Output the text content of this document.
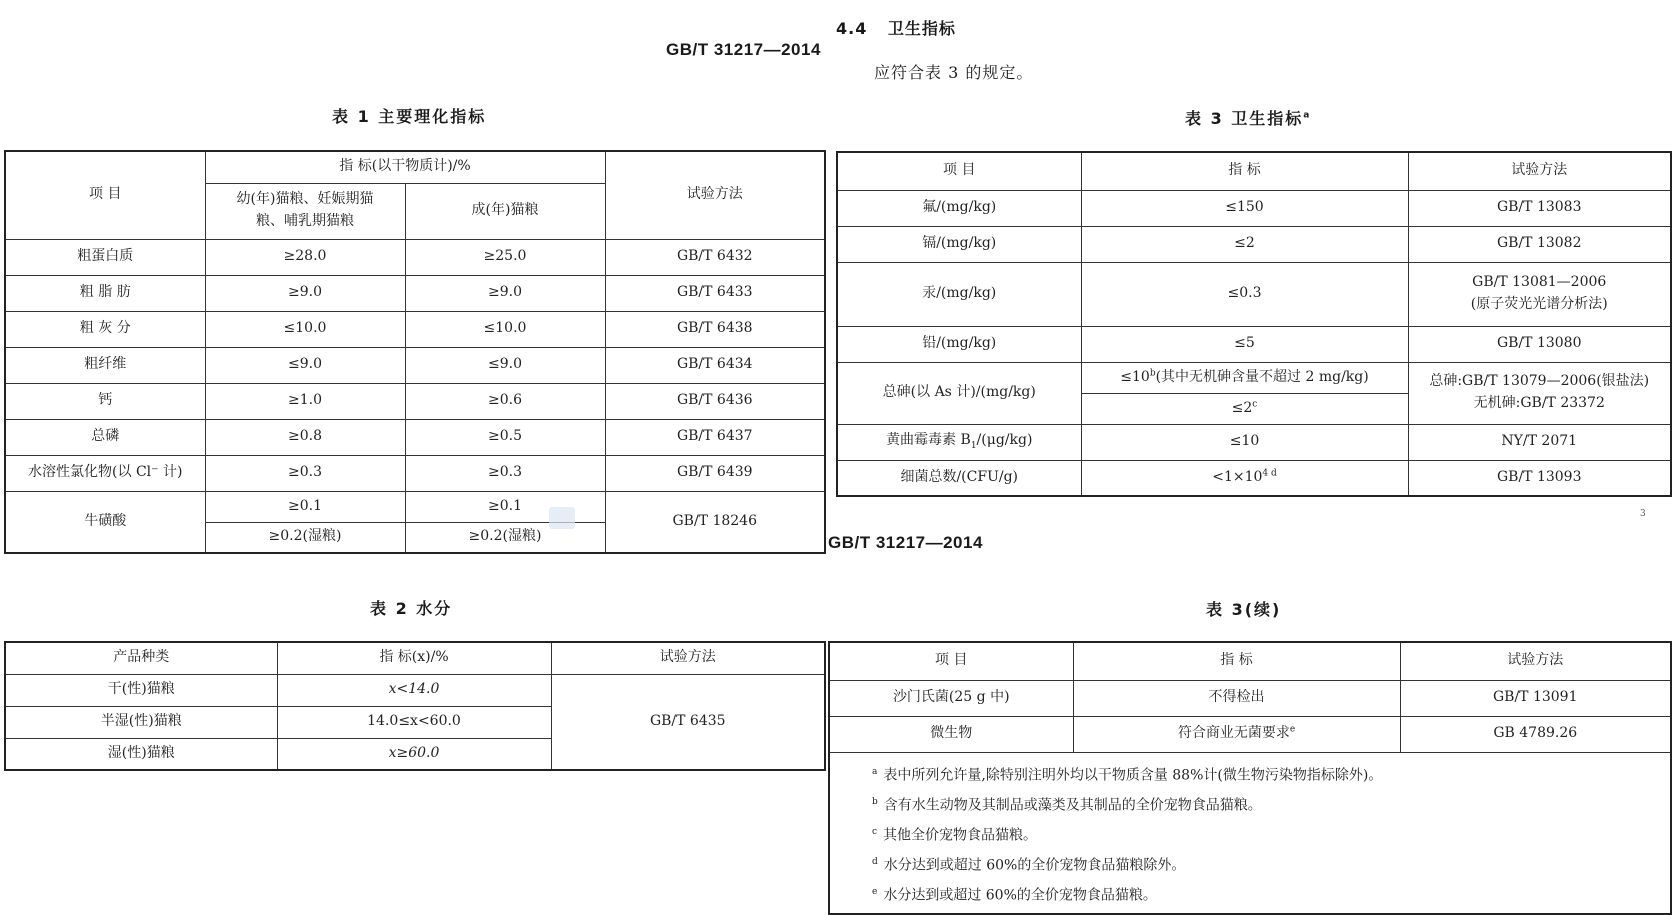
4.4 卫生指标
GB/T 31217—2014
应符合表 3 的规定。
表 1 主要理化指标
项 目	指 标(以干物质计)/%		试验方法
	幼(年)猫粮、妊娠期猫粮、哺乳期猫粮	成(年)猫粮	
粗蛋白质	≥28.0	≥25.0	GB/T 6432
粗 脂 肪	≥9.0	≥9.0	GB/T 6433
粗 灰 分	≤10.0	≤10.0	GB/T 6438
粗纤维	≤9.0	≤9.0	GB/T 6434
钙	≥1.0	≥0.6	GB/T 6436
总磷	≥0.8	≥0.5	GB/T 6437
水溶性氯化物(以 Cl⁻ 计)	≥0.3	≥0.3	GB/T 6439
牛磺酸	≥0.1	≥0.1	GB/T 18246
	≥0.2(湿粮)	≥0.2(湿粮)	
表 3 卫生指标$^a$
项 目	指 标	试验方法
氟/(mg/kg)	≤150	GB/T 13083
镉/(mg/kg)	≤2	GB/T 13082
汞/(mg/kg)	≤0.3	GB/T 13081—2006
(原子荧光光谱分析法)

铅/(mg/kg)	≤5	GB/T 13080
总砷(以 As 计)/(mg/kg)	$\le 10^b$(其中无机砷含量不超过 2 mg/kg)	总砷:GB/T 13079—2006(银盐法)
无机砷:GB/T 23372

	$\le 2^c$
黄曲霉毒素 $B_1/(\mu g/kg)$	≤10	NY/T 2071
细菌总数/(CFU/g)	$<1\times 10^{4 d}$	GB/T 13093
3
GB/T 31217—2014
表 2 水分
产品种类	指 标(x)/%	试验方法
干(性)猫粮	x<14.0	GB/T 6435
半湿(性)猫粮	14.0≤x<60.0	
湿(性)猫粮	x≥60.0	
表 3(续)
项 目	指 标	试验方法
沙门氏菌(25 g 中)	不得检出	GB/T 13091
微生物	符合商业无菌要求$^e$	GB 4789.26

$^a$ 表中所列允许量,除特别注明外均以干物质含量 88%计(微生物污染物指标除外)。
$^b$ 含有水生动物及其制品或藻类及其制品的全价宠物食品猫粮。
$^c$ 其他全价宠物食品猫粮。
$^d$ 水分达到或超过 60%的全价宠物食品猫粮除外。
$^e$ 水分达到或超过 60%的全价宠物食品猫粮。		
